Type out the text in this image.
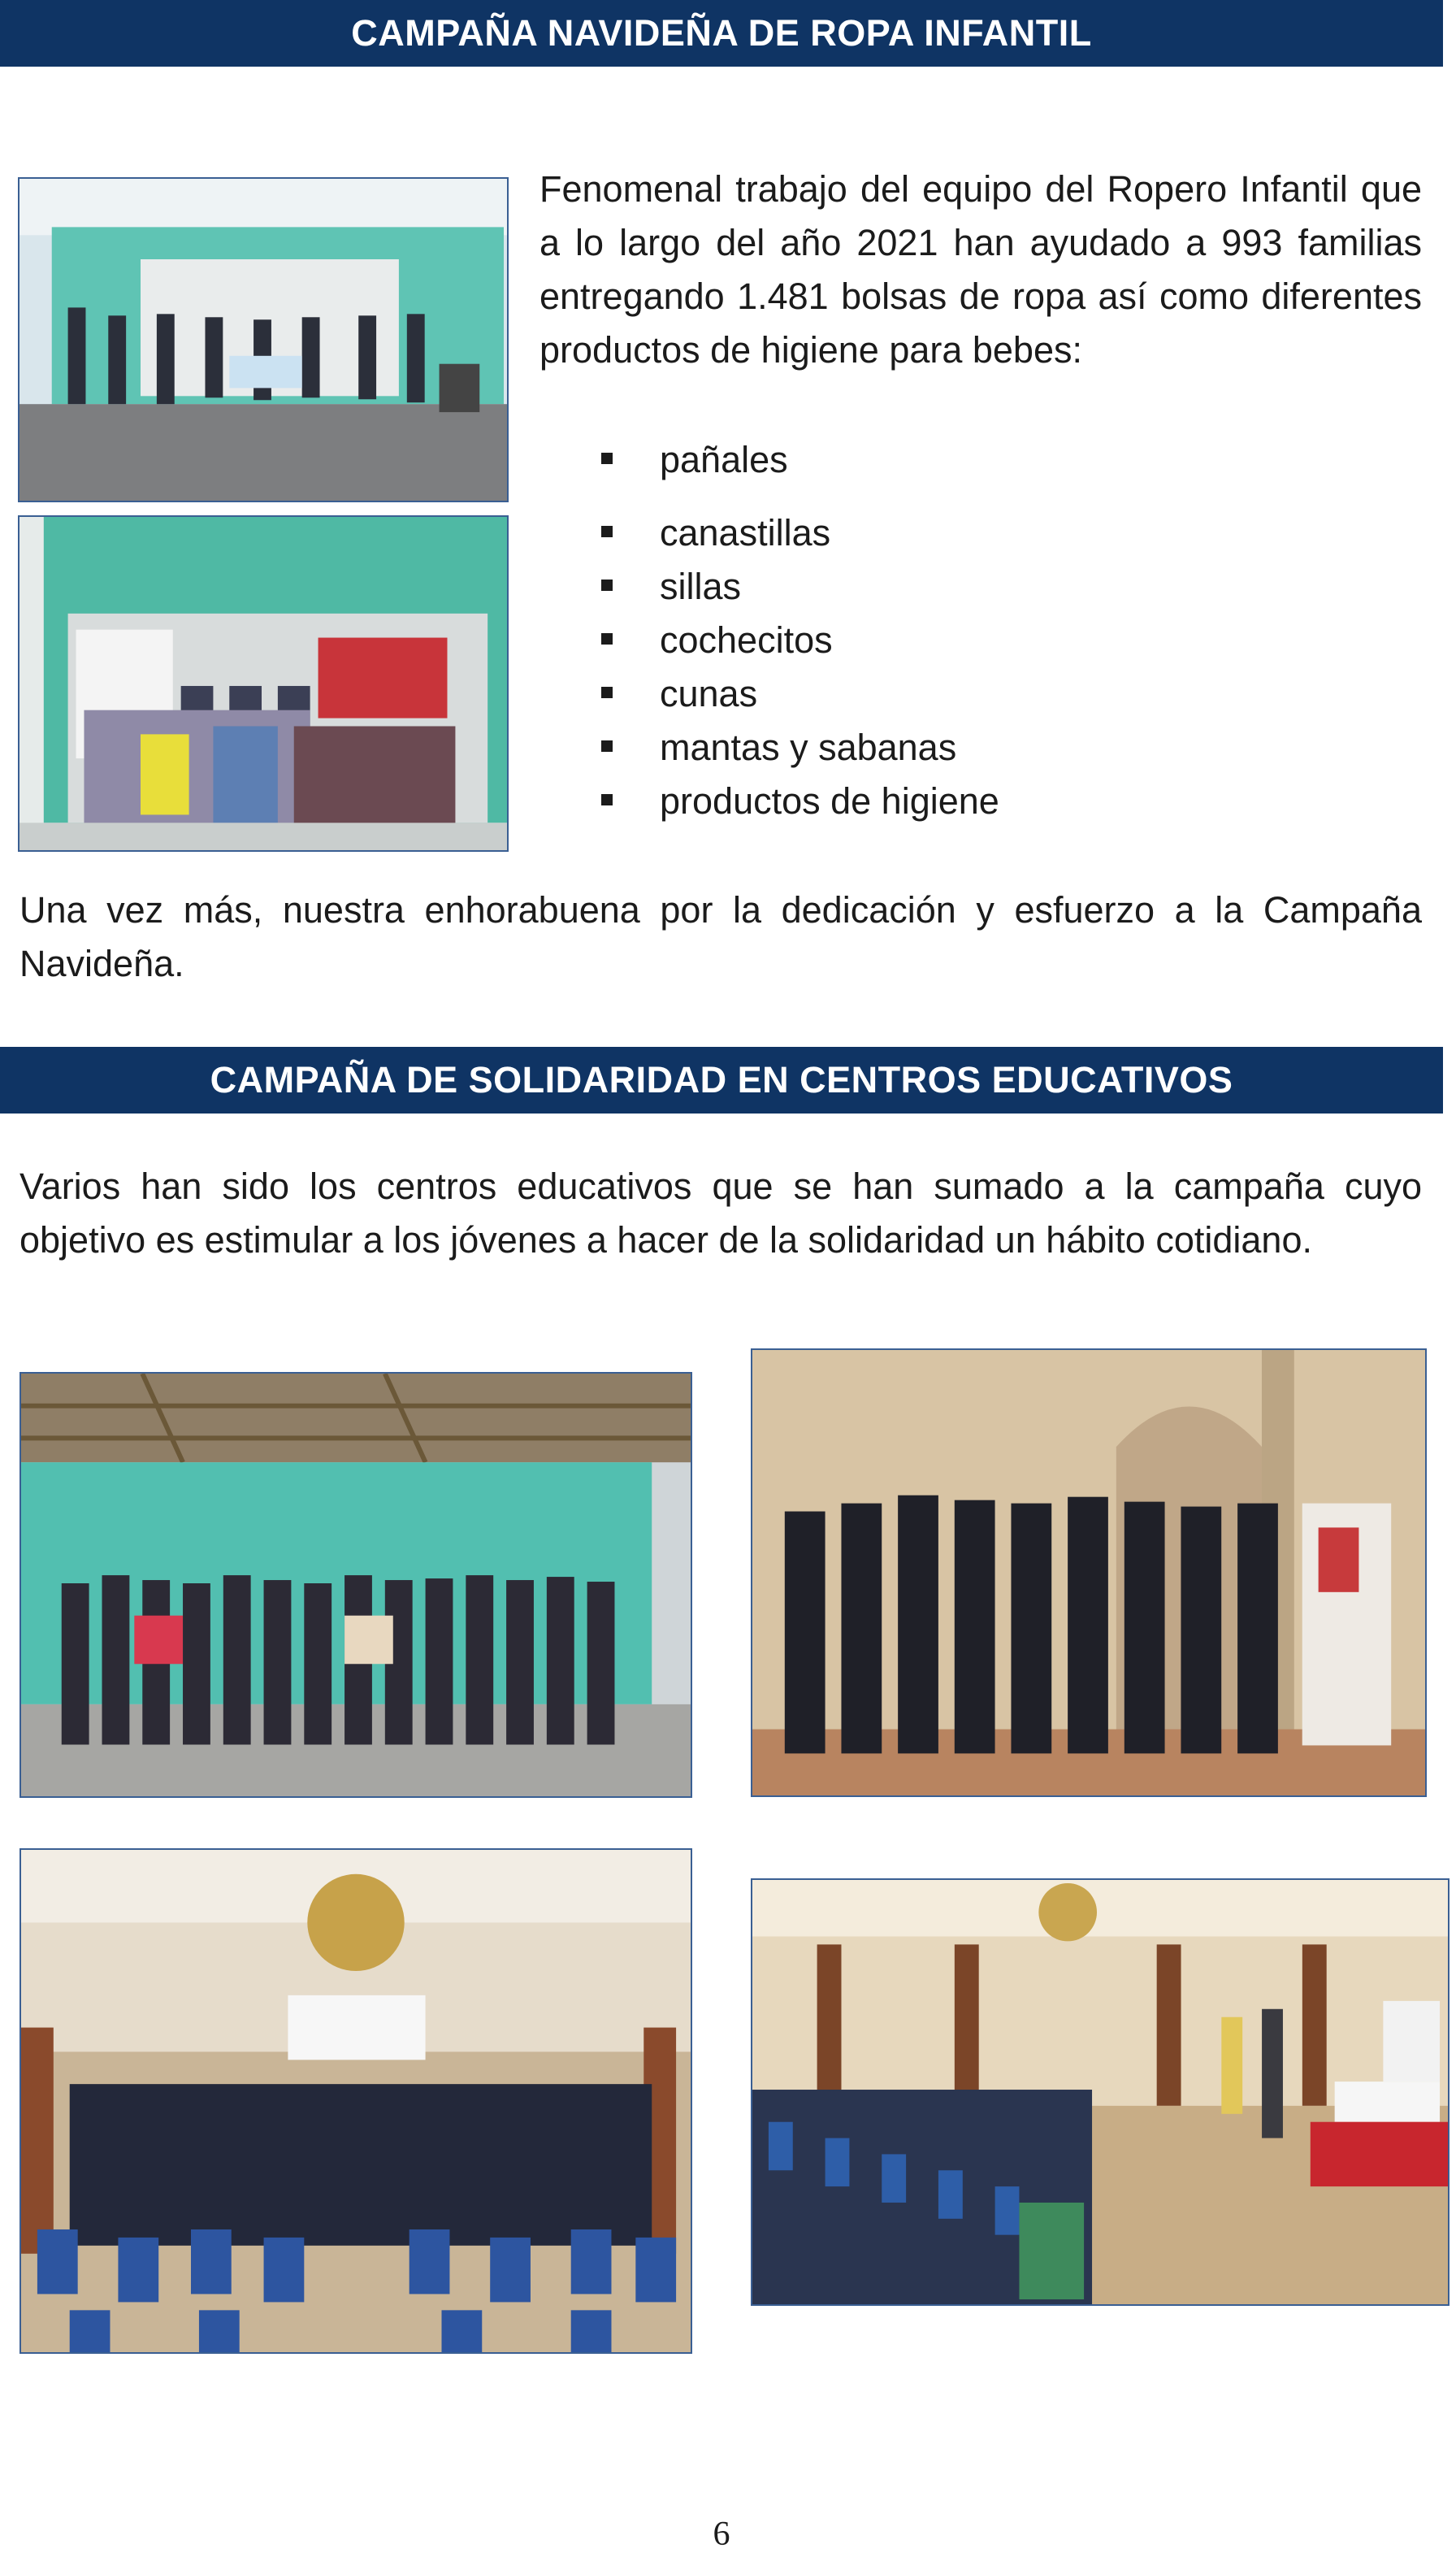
CAMPAÑA NAVIDEÑA DE ROPA INFANTIL
Fenomenal trabajo del equipo del Ropero Infantil que a lo largo del año 2021 han ayudado a 993 familias entregando 1.481 bolsas de ropa así como diferentes productos de higiene para bebes:
pañales
canastillas
sillas
cochecitos
cunas
mantas y sabanas
productos de higiene
Una vez más, nuestra enhorabuena por la dedicación y esfuerzo a la Campaña Navideña.
CAMPAÑA DE SOLIDARIDAD EN CENTROS EDUCATIVOS
Varios han sido los centros educativos que se han sumado a la campaña cuyo objetivo es estimular a los jóvenes a hacer de la solidaridad un hábito cotidiano.
6
